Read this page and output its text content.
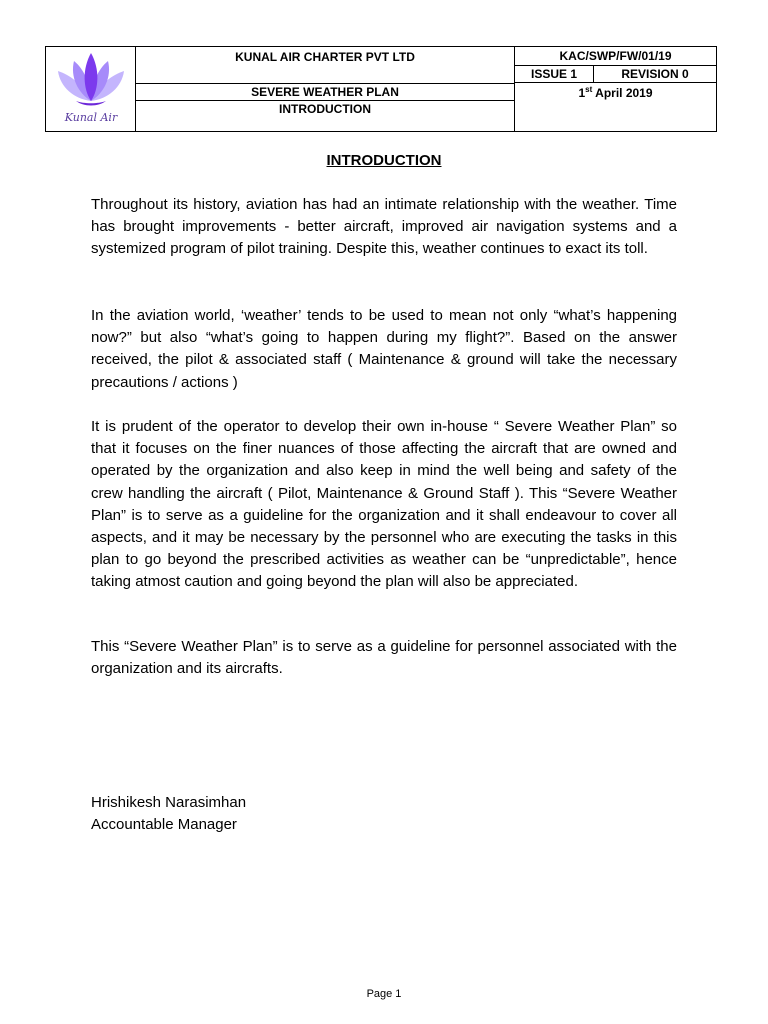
Kunal Air
KUNAL AIR CHARTER PVT LTD
SEVERE WEATHER PLAN
INTRODUCTION
KAC/SWP/FW/01/19
ISSUE 1	REVISION 0
1st April 2019
INTRODUCTION

Throughout its history, aviation has had an intimate relationship with the weather. Time has brought improvements - better aircraft, improved air navigation systems and a systemized program of pilot training. Despite this, weather continues to exact its toll.

In the aviation world, ‘weather’ tends to be used to mean not only “what’s happening now?” but also “what’s going to happen during my flight?”. Based on the answer received, the pilot & associated staff ( Maintenance & ground will take the necessary precautions / actions )

It is prudent of the operator to develop their own in-house “ Severe Weather Plan” so that it focuses on the finer nuances of those affecting the aircraft that are owned and operated by the organization and also keep in mind the well being and safety of the crew handling the aircraft ( Pilot, Maintenance & Ground Staff ). This “Severe Weather Plan” is to serve as a guideline for the organization and it shall endeavour to cover all aspects, and it may be necessary by the personnel who are executing the tasks in this plan to go beyond the prescribed activities as weather can be “unpredictable”, hence taking atmost caution and going beyond the plan will also be appreciated.

This “Severe Weather Plan” is to serve as a guideline for personnel associated with the organization and its aircrafts.

Hrishikesh Narasimhan
Accountable Manager
Page 1
